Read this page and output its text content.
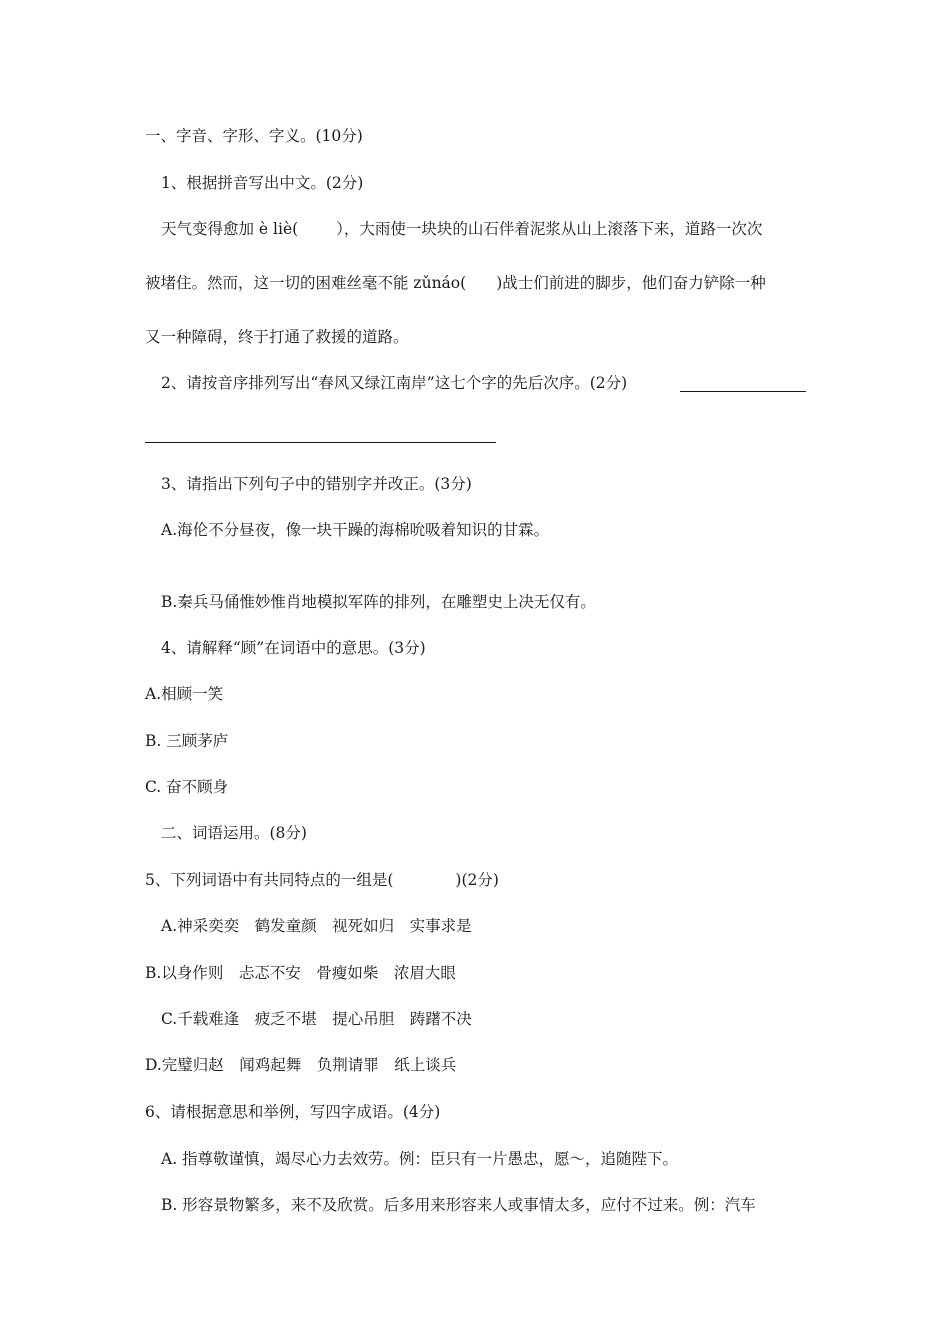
一、字音、字形、字义。(10分)

1、根据拼音写出中文。(2分)

天气变得愈加 è liè( ），大雨使一块块的山石伴着泥浆从山上滚落下来，道路一次次

被堵住。然而，这一切的困难丝毫不能 zǔnáo( )战士们前进的脚步，他们奋力铲除一种

又一种障碍，终于打通了救援的道路。

2、请按音序排列写出“春风又绿江南岸”这七个字的先后次序。(2分)

3、请指出下列句子中的错别字并改正。(3分)

A.海伦不分昼夜，像一块干躁的海棉吮吸着知识的甘霖。

B.秦兵马俑惟妙惟肖地模拟军阵的排列，在雕塑史上决无仅有。

4、请解释“顾”在词语中的意思。(3分)

A.相顾一笑

B. 三顾茅庐

C. 奋不顾身

二、词语运用。(8分)

5、下列词语中有共同特点的一组是(	)(2分)

A.神采奕奕　鹤发童颜　视死如归　实事求是

B.以身作则　忐忑不安　骨瘦如柴　浓眉大眼

C.千载难逢　疲乏不堪　提心吊胆　踌躇不决

D.完璧归赵　闻鸡起舞　负荆请罪　纸上谈兵

6、请根据意思和举例，写四字成语。(4分)

A. 指尊敬谨慎，竭尽心力去效劳。例：臣只有一片愚忠，愿～，追随陛下。

B. 形容景物繁多，来不及欣赏。后多用来形容来人或事情太多，应付不过来。例：汽车
